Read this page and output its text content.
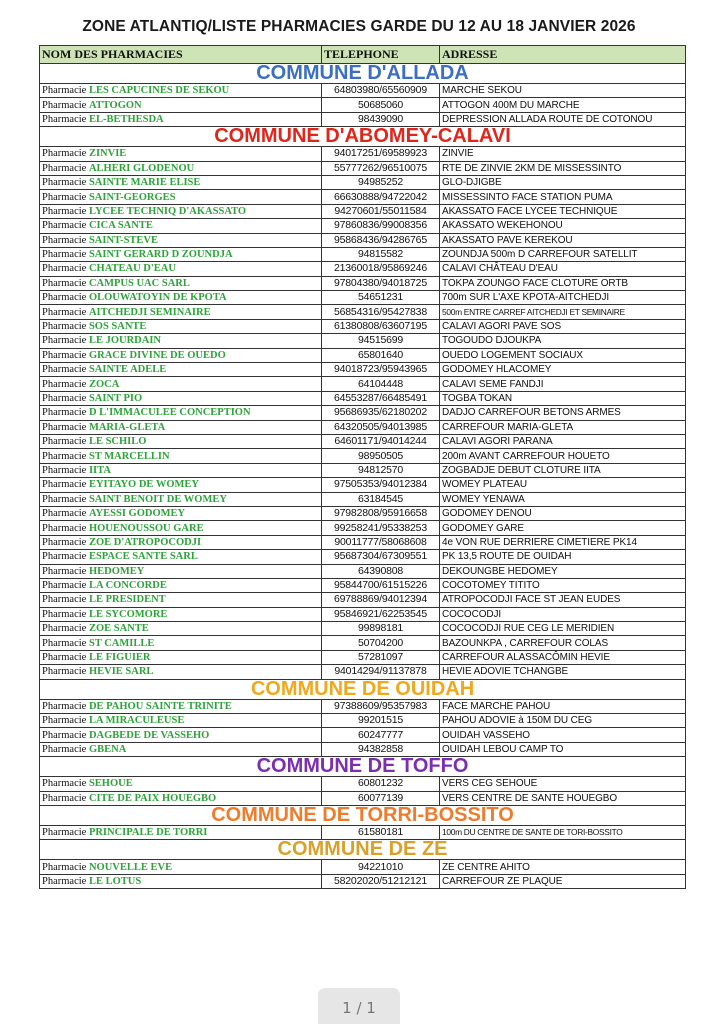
ZONE ATLANTIQ/LISTE PHARMACIES GARDE DU 12 AU 18 JANVIER 2026
NOM DES PHARMACIES	TELEPHONE	ADRESSE
COMMUNE D'ALLADA		
Pharmacie LES CAPUCINES DE SEKOU	64803980/65560909	MARCHE SEKOU
Pharmacie ATTOGON	50685060	ATTOGON 400M DU MARCHE
Pharmacie EL-BETHESDA	98439090	DEPRESSION ALLADA ROUTE DE COTONOU
COMMUNE D'ABOMEY-CALAVI		
Pharmacie ZINVIE	94017251/69589923	ZINVIE
Pharmacie ALHERI GLODENOU	55777262/96510075	RTE DE ZINVIE 2KM DE MISSESSINTO
Pharmacie SAINTE MARIE ELISE	94985252	GLO-DJIGBE
Pharmacie SAINT-GEORGES	66630888/94722042	MISSESSINTO FACE STATION PUMA
Pharmacie LYCEE TECHNIQ D'AKASSATO	94270601/55011584	AKASSATO FACE LYCEE TECHNIQUE
Pharmacie CICA SANTE	97860836/99008356	AKASSATO WEKEHONOU
Pharmacie SAINT-STEVE	95868436/94286765	AKASSATO PAVE KEREKOU
Pharmacie SAINT GERARD D ZOUNDJA	94815582	ZOUNDJA 500m D CARREFOUR SATELLIT
Pharmacie CHATEAU D'EAU	21360018/95869246	CALAVI CHÂTEAU D'EAU
Pharmacie CAMPUS UAC SARL	97804380/94018725	TOKPA ZOUNGO FACE CLOTURE ORTB
Pharmacie OLOUWATOYIN DE KPOTA	54651231	700m SUR L'AXE KPOTA-AITCHEDJI
Pharmacie AITCHEDJI SEMINAIRE	56854316/95427838	500m ENTRE CARREF AITCHEDJI ET SEMINAIRE
Pharmacie SOS SANTE	61380808/63607195	CALAVI AGORI PAVE SOS
Pharmacie LE JOURDAIN	94515699	TOGOUDO DJOUKPA
Pharmacie GRACE DIVINE DE OUEDO	65801640	OUEDO LOGEMENT SOCIAUX
Pharmacie SAINTE ADELE	94018723/95943965	GODOMEY HLACOMEY
Pharmacie ZOCA	64104448	CALAVI SEME FANDJI
Pharmacie SAINT PIO	64553287/66485491	TOGBA TOKAN
Pharmacie D L'IMMACULEE CONCEPTION	95686935/62180202	DADJO CARREFOUR BETONS ARMES
Pharmacie MARIA-GLETA	64320505/94013985	CARREFOUR MARIA-GLETA
Pharmacie LE SCHILO	64601171/94014244	CALAVI AGORI PARANA
Pharmacie ST MARCELLIN	98950505	200m AVANT CARREFOUR HOUETO
Pharmacie IITA	94812570	ZOGBADJE DEBUT CLOTURE IITA
Pharmacie EYITAYO DE WOMEY	97505353/94012384	WOMEY PLATEAU
Pharmacie SAINT BENOIT DE WOMEY	63184545	WOMEY YENAWA
Pharmacie AYESSI GODOMEY	97982808/95916658	GODOMEY DENOU
Pharmacie HOUENOUSSOU GARE	99258241/95338253	GODOMEY GARE
Pharmacie ZOE D'ATROPOCODJI	90011777/58068608	4e VON RUE DERRIERE CIMETIERE PK14
Pharmacie ESPACE SANTE SARL	95687304/67309551	PK 13,5 ROUTE DE OUIDAH
Pharmacie HEDOMEY	64390808	DEKOUNGBE HEDOMEY
Pharmacie LA CONCORDE	95844700/61515226	COCOTOMEY TITITO
Pharmacie LE PRESIDENT	69788869/94012394	ATROPOCODJI FACE ST JEAN EUDES
Pharmacie LE SYCOMORE	95846921/62253545	COCOCODJI
Pharmacie ZOE SANTE	99898181	COCOCODJI RUE CEG LE MERIDIEN
Pharmacie ST CAMILLE	50704200	BAZOUNKPA , CARREFOUR COLAS
Pharmacie LE FIGUIER	57281097	CARREFOUR ALASSACÔMIN HEVIE
Pharmacie HEVIE SARL	94014294/91137878	HEVIE ADOVIE TCHANGBE
COMMUNE DE OUIDAH		
Pharmacie DE PAHOU SAINTE TRINITE	97388609/95357983	FACE MARCHE PAHOU
Pharmacie LA MIRACULEUSE	99201515	PAHOU ADOVIE à 150M DU CEG
Pharmacie DAGBEDE DE VASSEHO	60247777	OUIDAH VASSEHO
Pharmacie GBENA	94382858	OUIDAH LEBOU CAMP TO
COMMUNE DE TOFFO		
Pharmacie SEHOUE	60801232	VERS CEG SEHOUE
Pharmacie CITE DE PAIX HOUEGBO	60077139	VERS CENTRE DE SANTE HOUEGBO
COMMUNE DE TORRI-BOSSITO		
Pharmacie PRINCIPALE DE TORRI	61580181	100m DU CENTRE DE SANTE DE TORI-BOSSITO
COMMUNE DE ZE		
Pharmacie NOUVELLE EVE	94221010	ZE CENTRE AHITO
Pharmacie LE LOTUS	58202020/51212121	CARREFOUR ZE PLAQUE
1 / 1
